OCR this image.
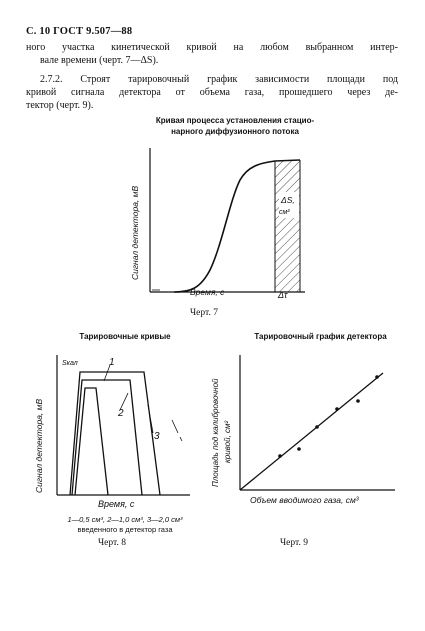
С. 10 ГОСТ 9.507—88
ного участка кинетической кривой на любом выбранном интер-
вале времени (черт. 7—ΔS).
2.7.2. Строят тарировочный график зависимости площади под
кривой сигнала детектора от объема газа, прошедшего через де-
тектор (черт. 9).
Кривая процесса установления стацио-
нарного диффузионного потока
ΔS,
см²
Сигнал детектора, мВ
Время, с	Δτ
Черт. 7
Тарировочные кривые
1
2
3
Sкал
Сигнал детектора, мВ
Время, с
1—0,5 см³, 2—1,0 см³, 3—2,0 см³
введенного в детектор газа
Черт. 8
Тарировочный график детектора
Площадь под калибровочной кривой, см²
Объем вводимого газа, см³
Черт. 9
